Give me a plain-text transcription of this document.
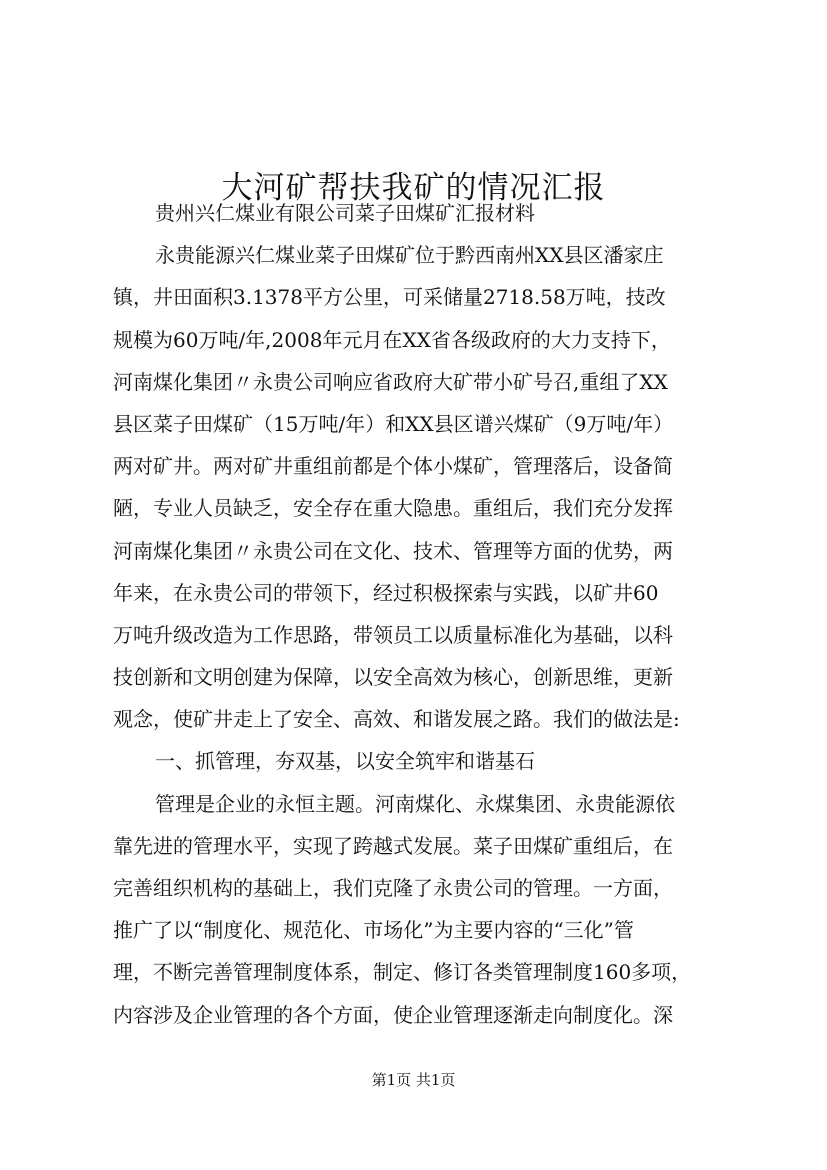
大河矿帮扶我矿的情况汇报
贵州兴仁煤业有限公司菜子田煤矿汇报材料
永贵能源兴仁煤业菜子田煤矿位于黔西南州XX县区潘家庄
镇，井田面积3.1378平方公里，可采储量2718.58万吨，技改
规模为60万吨/年,2008年元月在XX省各级政府的大力支持下，
河南煤化集团〃永贵公司响应省政府大矿带小矿号召,重组了XX
县区菜子田煤矿（15万吨/年）和XX县区谱兴煤矿（9万吨/年）
两对矿井。两对矿井重组前都是个体小煤矿，管理落后，设备简
陋，专业人员缺乏，安全存在重大隐患。重组后，我们充分发挥
河南煤化集团〃永贵公司在文化、技术、管理等方面的优势，两
年来，在永贵公司的带领下，经过积极探索与实践，以矿井60
万吨升级改造为工作思路，带领员工以质量标准化为基础，以科
技创新和文明创建为保障，以安全高效为核心，创新思维，更新
观念，使矿井走上了安全、高效、和谐发展之路。我们的做法是:
一、抓管理，夯双基，以安全筑牢和谐基石
管理是企业的永恒主题。河南煤化、永煤集团、永贵能源依
靠先进的管理水平，实现了跨越式发展。菜子田煤矿重组后，在
完善组织机构的基础上，我们克隆了永贵公司的管理。一方面，
推广了以“制度化、规范化、市场化”为主要内容的“三化”管
理，不断完善管理制度体系，制定、修订各类管理制度160多项，
内容涉及企业管理的各个方面，使企业管理逐渐走向制度化。深
第1页 共1页
